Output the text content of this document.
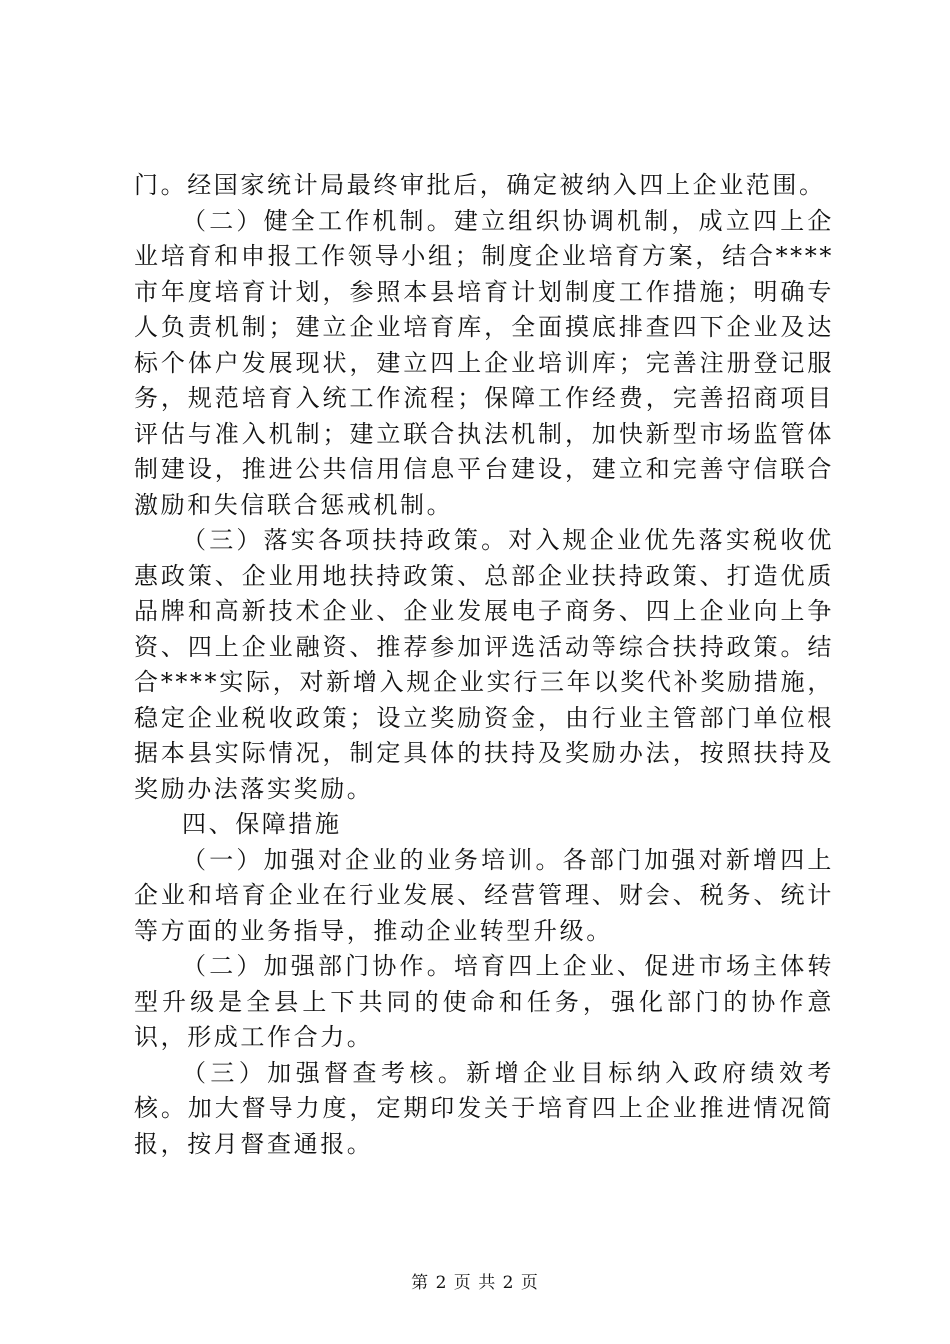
门。经国家统计局最终审批后，确定被纳入四上企业范围。

（二）健全工作机制。建立组织协调机制，成立四上企业培育和申报工作领导小组；制度企业培育方案，结合****市年度培育计划，参照本县培育计划制度工作措施；明确专人负责机制；建立企业培育库，全面摸底排查四下企业及达标个体户发展现状，建立四上企业培训库；完善注册登记服务，规范培育入统工作流程；保障工作经费，完善招商项目评估与准入机制；建立联合执法机制，加快新型市场监管体制建设，推进公共信用信息平台建设，建立和完善守信联合激励和失信联合惩戒机制。

（三）落实各项扶持政策。对入规企业优先落实税收优惠政策、企业用地扶持政策、总部企业扶持政策、打造优质品牌和高新技术企业、企业发展电子商务、四上企业向上争资、四上企业融资、推荐参加评选活动等综合扶持政策。结合****实际，对新增入规企业实行三年以奖代补奖励措施，稳定企业税收政策；设立奖励资金，由行业主管部门单位根据本县实际情况，制定具体的扶持及奖励办法，按照扶持及奖励办法落实奖励。

四、保障措施

（一）加强对企业的业务培训。各部门加强对新增四上企业和培育企业在行业发展、经营管理、财会、税务、统计等方面的业务指导，推动企业转型升级。

（二）加强部门协作。培育四上企业、促进市场主体转型升级是全县上下共同的使命和任务，强化部门的协作意识，形成工作合力。

（三）加强督查考核。新增企业目标纳入政府绩效考核。加大督导力度，定期印发关于培育四上企业推进情况简报，按月督查通报。

第 2 页 共 2 页
